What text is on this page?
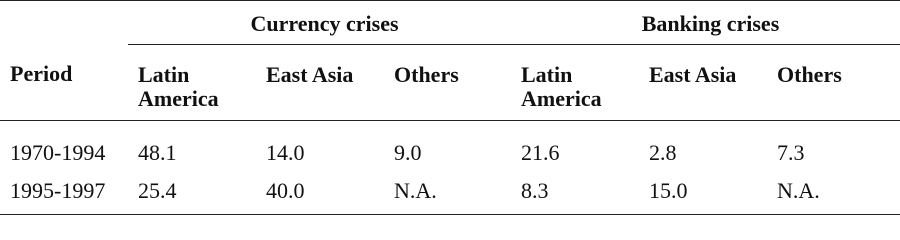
	Currency crises			Banking crises		
Period	Latin America	East Asia	Others	Latin America	East Asia	Others
1970-1994	48.1	14.0	9.0	21.6	2.8	7.3
1995-1997	25.4	40.0	N.A.	8.3	15.0	N.A.
